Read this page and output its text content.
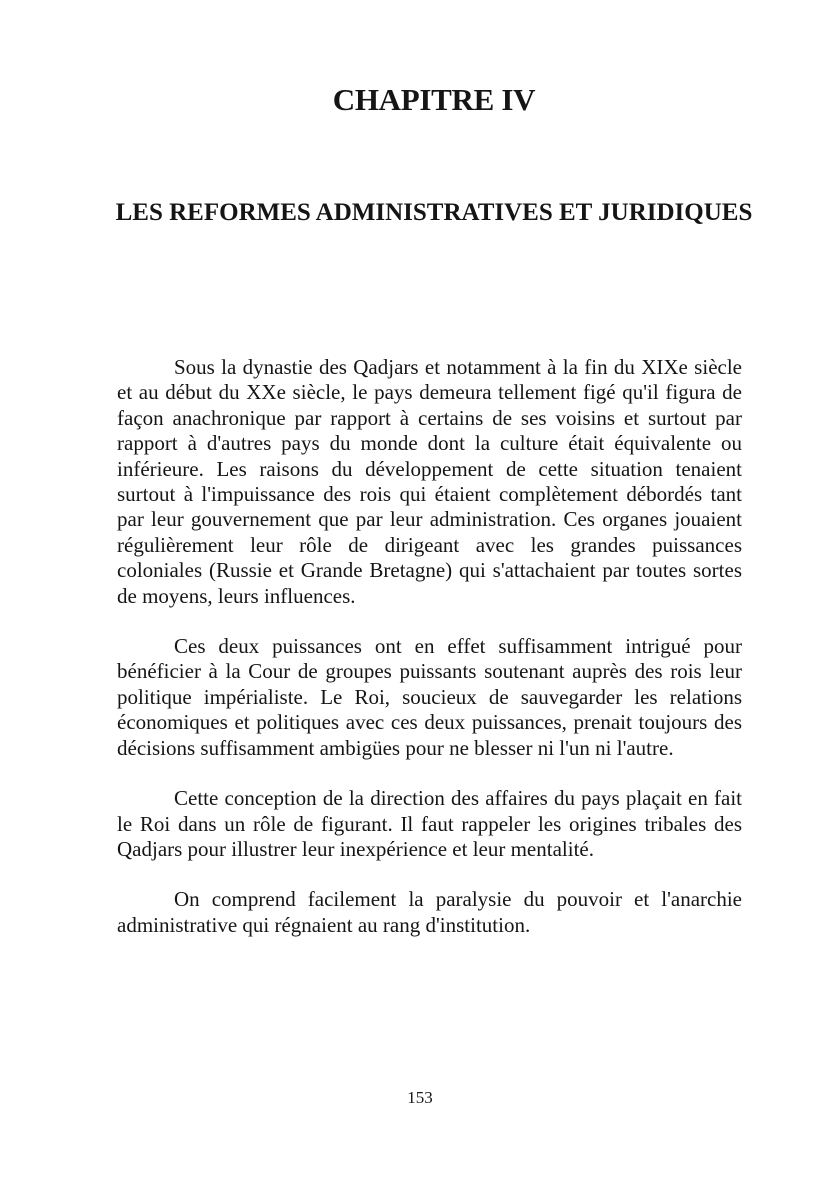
CHAPITRE IV
LES REFORMES ADMINISTRATIVES ET JURIDIQUES

Sous la dynastie des Qadjars et notamment à la fin du XIXe siècle et au début du XXe siècle, le pays demeura tellement figé qu'il figura de façon anachronique par rapport à certains de ses voisins et surtout par rapport à d'autres pays du monde dont la culture était équivalente ou inférieure. Les raisons du développement de cette situation tenaient surtout à l'impuissance des rois qui étaient complètement débordés tant par leur gouvernement que par leur administration. Ces organes jouaient régulièrement leur rôle de dirigeant avec les grandes puissances coloniales (Russie et Grande Bretagne) qui s'attachaient par toutes sortes de moyens, leurs influences.

Ces deux puissances ont en effet suffisamment intrigué pour bénéficier à la Cour de groupes puissants soutenant auprès des rois leur politique impérialiste. Le Roi, soucieux de sauvegarder les relations économiques et politiques avec ces deux puissances, prenait toujours des décisions suffisamment ambigües pour ne blesser ni l'un ni l'autre.

Cette conception de la direction des affaires du pays plaçait en fait le Roi dans un rôle de figurant. Il faut rappeler les origines tribales des Qadjars pour illustrer leur inexpérience et leur mentalité.

On comprend facilement la paralysie du pouvoir et l'anarchie administrative qui régnaient au rang d'institution.

153
